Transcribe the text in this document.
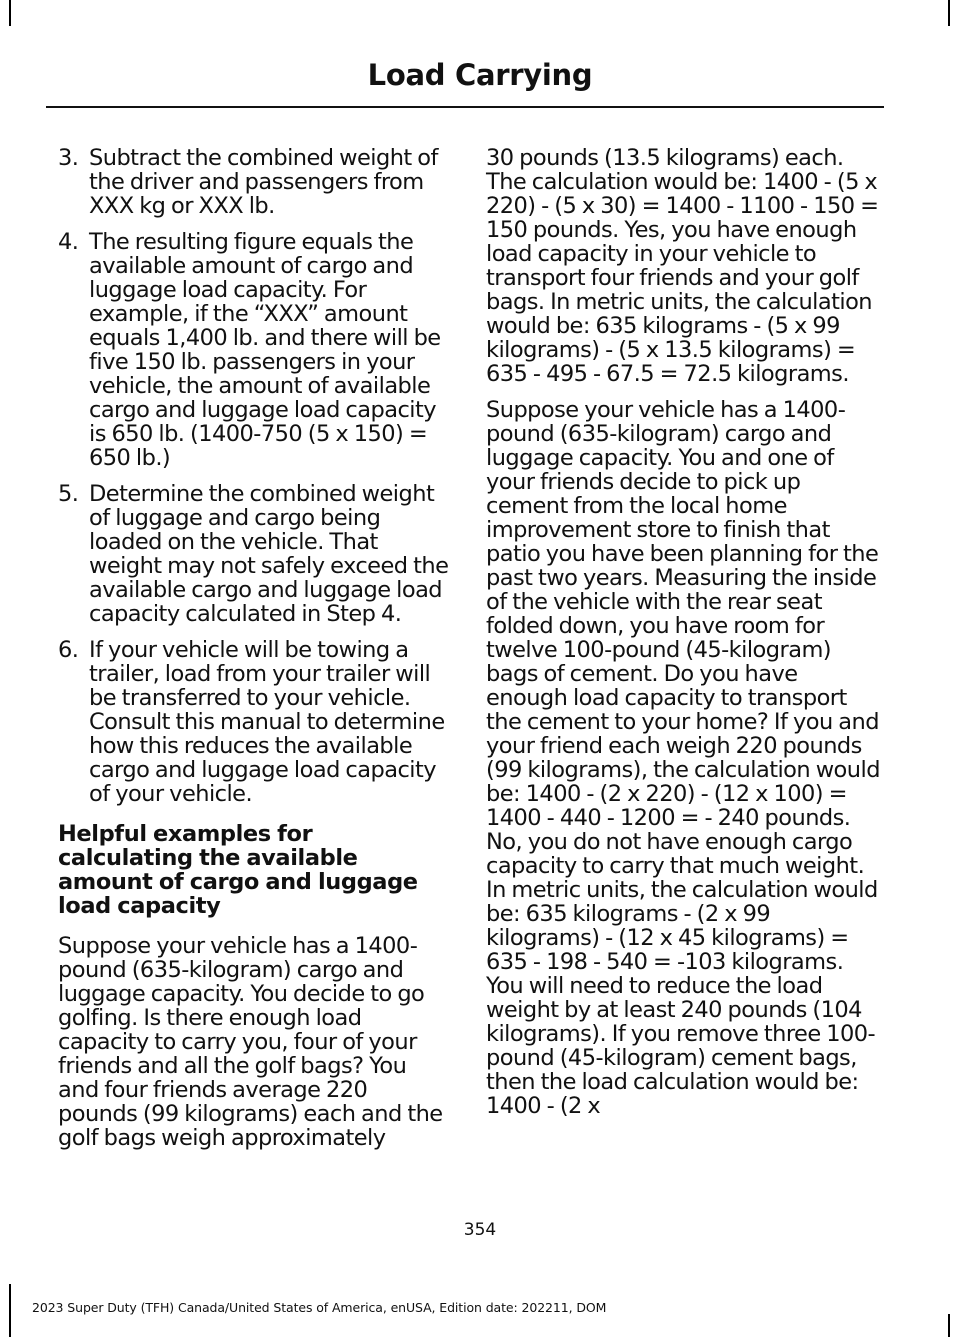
Load Carrying
3. Subtract the combined weight of the driver and passengers from XXX kg or XXX lb.
4. The resulting figure equals the available amount of cargo and luggage load capacity. For example, if the “XXX” amount equals 1,400 lb. and there will be five 150 lb. passengers in your vehicle, the amount of available cargo and luggage load capacity is 650 lb. (1400-750 (5 x 150) = 650 lb.)
5. Determine the combined weight of luggage and cargo being loaded on the vehicle. That weight may not safely exceed the available cargo and luggage load capacity calculated in Step 4.
6. If your vehicle will be towing a trailer, load from your trailer will be transferred to your vehicle. Consult this manual to determine how this reduces the available cargo and luggage load capacity of your vehicle.
Helpful examples for calculating the available amount of cargo and luggage load capacity

Suppose your vehicle has a 1400-pound (635-kilogram) cargo and luggage capacity. You decide to go golfing. Is there enough load capacity to carry you, four of your friends and all the golf bags? You and four friends average 220 pounds (99 kilograms) each and the golf bags weigh approximately

30 pounds (13.5 kilograms) each. The calculation would be: 1400 - (5 x 220) - (5 x 30) = 1400 - 1100 - 150 = 150 pounds. Yes, you have enough load capacity in your vehicle to transport four friends and your golf bags. In metric units, the calculation would be: 635 kilograms - (5 x 99 kilograms) - (5 x 13.5 kilograms) = 635 - 495 - 67.5 = 72.5 kilograms.

Suppose your vehicle has a 1400-pound (635-kilogram) cargo and luggage capacity. You and one of your friends decide to pick up cement from the local home improvement store to finish that patio you have been planning for the past two years. Measuring the inside of the vehicle with the rear seat folded down, you have room for twelve 100-pound (45-kilogram) bags of cement. Do you have enough load capacity to transport the cement to your home? If you and your friend each weigh 220 pounds (99 kilograms), the calculation would be: 1400 - (2 x 220) - (12 x 100) = 1400 - 440 - 1200 = - 240 pounds. No, you do not have enough cargo capacity to carry that much weight. In metric units, the calculation would be: 635 kilograms - (2 x 99 kilograms) - (12 x 45 kilograms) = 635 - 198 - 540 = -103 kilograms. You will need to reduce the load weight by at least 240 pounds (104 kilograms). If you remove three 100-pound (45-kilogram) cement bags, then the load calculation would be: 1400 - (2 x

354
2023 Super Duty (TFH) Canada/United States of America, enUSA, Edition date: 202211, DOM
